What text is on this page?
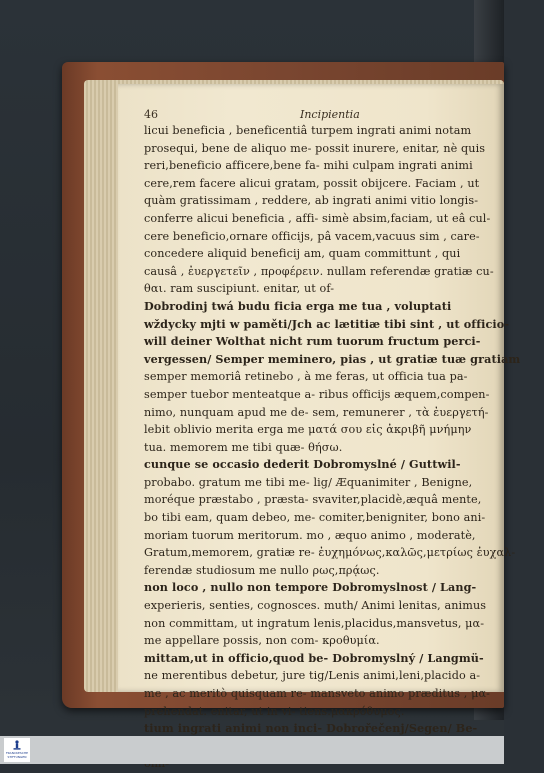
46	Incipientia
licui beneficia , beneficentiâ turpem ingrati animi notam
prosequi, bene de aliquo me- possit inurere, enitar, nè quis
reri,beneficio afficere,bene fa- mihi culpam ingrati animi
cere,rem facere alicui gratam, possit obijcere. Faciam , ut
quàm gratissimam , reddere, ab ingrati animi vitio longis-
conferre alicui beneficia , affi- simè absim,faciam, ut eâ cul-
cere beneficio,ornare officijs, pâ vacem,vacuus sim , care-
concedere aliquid beneficij am, quam committunt , qui
causâ , ἐυεργετεῖν , προφέρειν. nullam referendæ gratiæ cu-
θαι. ram suscipiunt. enitar, ut of-
Dobrodinj twá budu ficia erga me tua , voluptati
wždycky mjti w paměti/Jch ac lætitiæ tibi sint , ut officio-
will deiner Wolthat nicht rum tuorum fructum perci-
vergessen/ Semper meminero, pias , ut gratiæ tuæ gratiam
semper memoriâ retinebo , à me feras, ut officia tua pa-
semper tuebor menteatque a- ribus officijs æquem,compen-
nimo, nunquam apud me de- sem, remunerer , τὰ ἐυεργετή-
lebit oblivio merita erga me ματά σου εἰς ἀκριβῆ μνήμην
tua. memorem me tibi quæ- θήσω.
cunque se occasio dederit Dobromyslné / Guttwil-
probabo. gratum me tibi me- lig/ Æquanimiter , Benigne,
moréque præstabo , præsta- svaviter,placidè,æquâ mente,
bo tibi eam, quam debeo, me- comiter,benigniter, bono ani-
moriam tuorum meritorum. mo , æquo animo , moderatè,
Gratum,memorem, gratiæ re- ἐυχημόνως,καλῶς,μετρίως ἐυχαλ-
ferendæ studiosum me nullo ρως,πρᾴως.
non loco , nullo non tempore Dobromyslnost / Lang-
experieris, senties, cognosces. muth/ Animi lenitas, animus
non committam, ut ingratum lenis,placidus,mansvetus, μα-
me appellare possis, non com- κροθυμία.
mittam,ut in officio,quod be- Dobromyslný / Langmü-
ne merentibus debetur, jure tig/Lenis animi,leni,placido a-
me , ac meritò quisquam re- mansveto animo præditus , μα-
prehendat. enitar, ut in vi- tiens.μακρόθυμος.
tium ingrati animi non inci- Dobrořečenj/Segen/ Be-
FRANCKESCHE STIFTUNGEN
